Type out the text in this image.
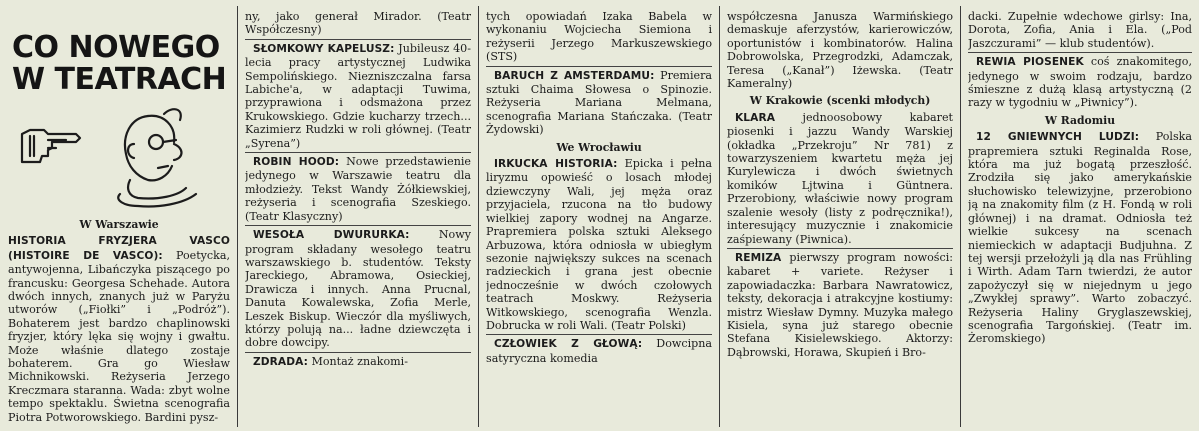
CO NOWEGO
W TEATRACH

W Warszawie

HISTORIA FRYZJERA VASCO (HISTOIRE DE VASCO): Poetycka, antywojenna, Libańczyka piszącego po francusku: Georgesa Schehade. Autora dwóch innych, znanych już w Paryżu utworów („Fiołki” i „Podróż”). Bohaterem jest bardzo chaplinowski fryzjer, który lęka się wojny i gwałtu. Może właśnie dlatego zostaje bohaterem. Gra go Wiesław Michnikowski. Reżyseria Jerzego Kreczmara staranna. Wada: zbyt wolne tempo spektaklu. Świetna scenografia Piotra Potworowskiego. Bardini pysz-

ny, jako generał Mirador. (Teatr Współczesny)

SŁOMKOWY KAPELUSZ: Jubileusz 40-lecia pracy artystycznej Ludwika Sempolińskiego. Niezniszczalna farsa Labiche'a, w adaptacji Tuwima, przyprawiona i odsmażona przez Krukowskiego. Gdzie kucharzy trzech... Kazimierz Rudzki w roli głównej. (Teatr „Syrena”)

ROBIN HOOD: Nowe przedstawienie jedynego w Warszawie teatru dla młodzieży. Tekst Wandy Żółkiewskiej, reżyseria i scenografia Szeskiego. (Teatr Klasyczny)

WESOŁA DWURURKA: Nowy program składany wesołego teatru warszawskiego b. studentów. Teksty Jareckiego, Abramowa, Osieckiej, Drawicza i innych. Anna Prucnal, Danuta Kowalewska, Zofia Merle, Leszek Biskup. Wieczór dla myśliwych, którzy polują na... ładne dziewczęta i dobre dowcipy.

ZDRADA: Montaż znakomi-

tych opowiadań Izaka Babela w wykonaniu Wojciecha Siemiona i reżyserii Jerzego Markuszewskiego (STS)

BARUCH Z AMSTERDAMU: Premiera sztuki Chaima Słowesa o Spinozie. Reżyseria Mariana Melmana, scenografia Mariana Stańczaka. (Teatr Żydowski)

We Wrocławiu

IRKUCKA HISTORIA: Epicka i pełna liryzmu opowieść o losach młodej dziewczyny Wali, jej męża oraz przyjaciela, rzucona na tło budowy wielkiej zapory wodnej na Angarze. Prapremiera polska sztuki Aleksego Arbuzowa, która odniosła w ubiegłym sezonie największy sukces na scenach radzieckich i grana jest obecnie jednocześnie w dwóch czołowych teatrach Moskwy. Reżyseria Witkowskiego, scenografia Wenzla. Dobrucka w roli Wali. (Teatr Polski)

CZŁOWIEK Z GŁOWĄ: Dowcipna satyryczna komedia

współczesna Janusza Warmińskiego demaskuje aferzystów, karierowiczów, oportunistów i kombinatorów. Halina Dobrowolska, Przegrodzki, Adamczak, Teresa („Kanał”) Iżewska. (Teatr Kameralny)

W Krakowie (scenki młodych)

KLARA jednoosobowy kabaret piosenki i jazzu Wandy Warskiej (okładka „Przekroju” Nr 781) z towarzyszeniem kwartetu męża jej Kurylewicza i dwóch świetnych komików Ljtwina i Güntnera. Przerobiony, właściwie nowy program szalenie wesoły (listy z podręcznika!), interesujący muzycznie i znakomicie zaśpiewany (Piwnica).

REMIZA pierwszy program nowości: kabaret + variete. Reżyser i zapowiadaczka: Barbara Nawratowicz, teksty, dekoracja i atrakcyjne kostiumy: mistrz Wiesław Dymny. Muzyka małego Kisiela, syna już starego obecnie Stefana Kisielewskiego. Aktorzy: Dąbrowski, Horawa, Skupień i Bro-

dacki. Zupełnie wdechowe girlsy: Ina, Dorota, Zofia, Ania i Ela. („Pod Jaszczurami” — klub studentów).

REWIA PIOSENEK coś znakomitego, jedynego w swoim rodzaju, bardzo śmieszne z dużą klasą artystyczną (2 razy w tygodniu w „Piwnicy”).

W Radomiu

12 GNIEWNYCH LUDZI: Polska prapremiera sztuki Reginalda Rose, która ma już bogatą przeszłość. Zrodziła się jako amerykańskie słuchowisko telewizyjne, przerobiono ją na znakomity film (z H. Fondą w roli głównej) i na dramat. Odniosła też wielkie sukcesy na scenach niemieckich w adaptacji Budjuhna. Z tej wersji przełożyli ją dla nas Frühling i Wirth. Adam Tarn twierdzi, że autor zapożyczył się w niejednym u jego „Zwykłej sprawy”. Warto zobaczyć. Reżyseria Haliny Gryglaszewskiej, scenografia Targońskiej. (Teatr im. Żeromskiego)
